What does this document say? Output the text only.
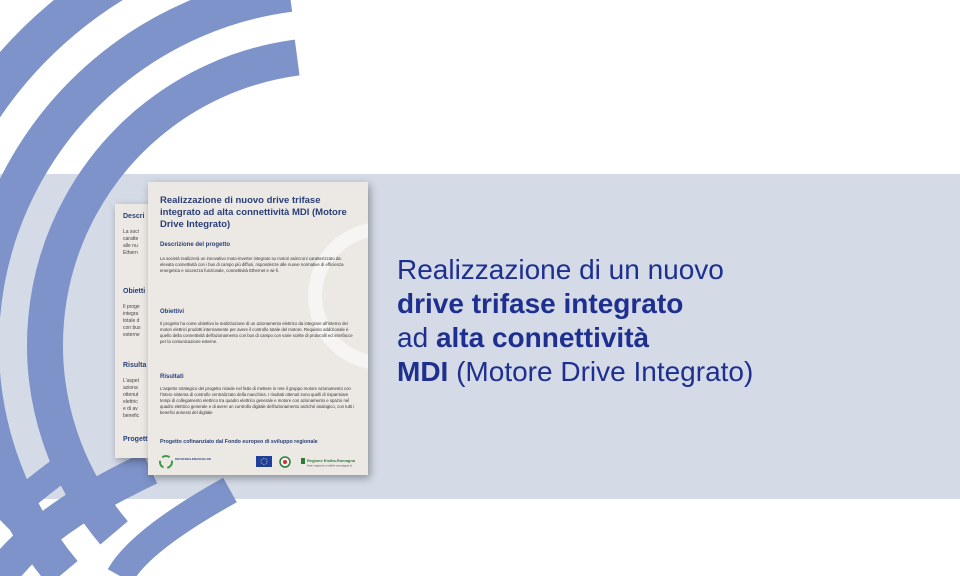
Descri
La soci
caratte
alle nu
Ethern
Obietti
Il proge
integra
totale d
con bus
esterne
Risulta
L'aspet
aziona
ottenut
elettric
e di av
benefic
Progett
Realizzazione di nuovo drive trifase integrato ad alta connettività MDI (Motore Drive Integrato)
Descrizione del progetto
La società realizzerà un innovativo moto-inverter integrato su motori asincroni caratterizzato da: elevata connettività con i bus di campo più diffusi, rispondenze alle nuove normative di efficienza energetica e sicurezza funzionale, connettività Ethernet e wi-fi.
Obiettivi
Il progetto ha come obiettivo la realizzazione di un azionamento elettrico da integrare all'interno dei motori elettrici prodotti internamente per avere il controllo totale del motore. Requisito addizionale è quello della connettività dell'azionamento con bus di campo con varie scelte di protocolli ed interfacce per la comunicazione esterne.
Risultati
L'aspetto strategico del progetto risiede nel fatto di mettere in rete il gruppo motore azionamento con l'intero sistema di controllo centralizzato della macchina. I risultati ottenuti sono quelli di risparmiare tempi di collegamento elettrico tra quadro elettrico generale e motore con azionamento e spazio nel quadro elettrico generale e di avere un controllo digitale dell'azionamento anziché analogico, con tutti i benefici annessi del digitale
Progetto cofinanziato dal Fondo europeo di sviluppo regionale
POR FESR EMILIA-ROMAGNA 2014-2020	Regione Emilia-Romagna
fesr.regione.emilia-romagna.it
Realizzazione di un nuovo
drive trifase integrato
ad alta connettività
MDI (Motore Drive Integrato)
